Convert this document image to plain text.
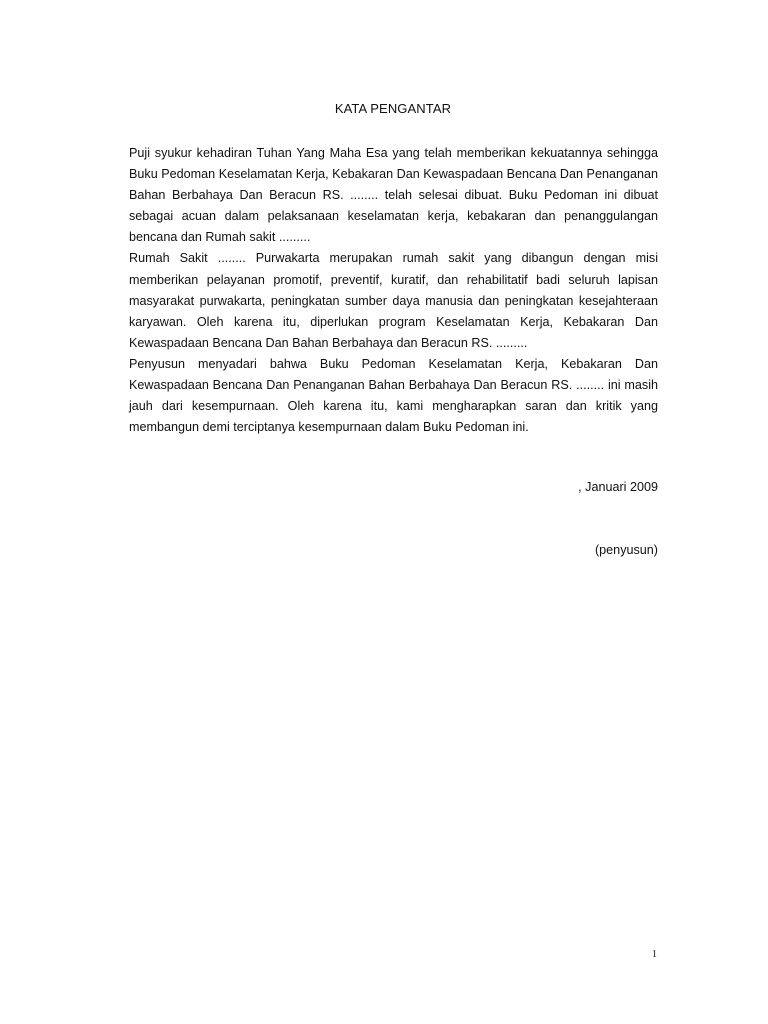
KATA PENGANTAR

Puji syukur kehadiran Tuhan Yang Maha Esa yang telah memberikan kekuatannya sehingga Buku Pedoman Keselamatan Kerja, Kebakaran Dan Kewaspadaan Bencana Dan Penanganan Bahan Berbahaya Dan Beracun RS. ........ telah selesai dibuat. Buku Pedoman ini dibuat sebagai acuan dalam pelaksanaan keselamatan kerja, kebakaran dan penanggulangan bencana dan Rumah sakit .........

Rumah Sakit ........ Purwakarta merupakan rumah sakit yang dibangun dengan misi memberikan pelayanan promotif, preventif, kuratif, dan rehabilitatif badi seluruh lapisan masyarakat purwakarta, peningkatan sumber daya manusia dan peningkatan kesejahteraan karyawan. Oleh karena itu, diperlukan program Keselamatan Kerja, Kebakaran Dan Kewaspadaan Bencana Dan Bahan Berbahaya dan Beracun RS. .........

Penyusun menyadari bahwa Buku Pedoman Keselamatan Kerja, Kebakaran Dan Kewaspadaan Bencana Dan Penanganan Bahan Berbahaya Dan Beracun RS. ........ ini masih jauh dari kesempurnaan. Oleh karena itu, kami mengharapkan saran dan kritik yang membangun demi terciptanya kesempurnaan dalam Buku Pedoman ini.

, Januari 2009
(penyusun)
1
